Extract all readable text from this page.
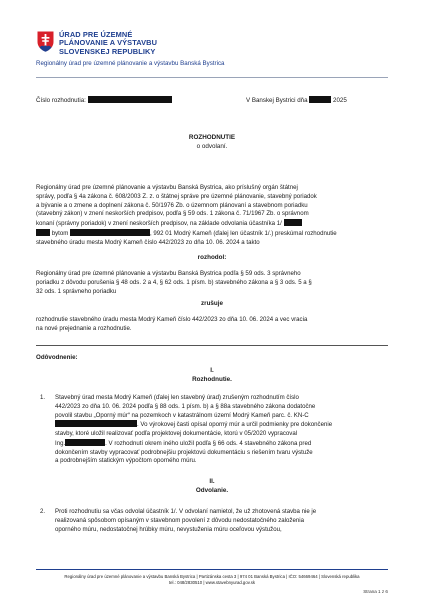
ÚRAD PRE ÚZEMNÉ
PLÁNOVANIE A VÝSTAVBU
SLOVENSKEJ REPUBLIKY
Regionálny úrad pre územné plánovanie a výstavbu Banská Bystrica
Číslo rozhodnutia:	V Banskej Bystrici dňa	2025
ROZHODNUTIE
o odvolaní.
Regionálny úrad pre územné plánovanie a výstavbu Banská Bystrica, ako príslušný orgán štátnej
správy, podľa § 4a zákona č. 608/2003 Z. z. o štátnej správe pre územné plánovanie, stavebný poriadok
a bývanie a o zmene a doplnení zákona č. 50/1976 Zb. o územnom plánovaní a stavebnom poriadku
(stavebný zákon) v znení neskorších predpisov, podľa § 59 ods. 1 zákona č. 71/1967 Zb. o správnom
konaní (správny poriadok) v znení neskorších predpisov, na základe odvolania účastníka 1/
bytom	, 992 01 Modrý Kameň (ďalej len účastník 1/.) preskúmal rozhodnutie
stavebného úradu mesta Modrý Kameň číslo 442/2023 zo dňa 10. 06. 2024 a takto
rozhodol:
Regionálny úrad pre územné plánovanie a výstavbu Banská Bystrica podľa § 59 ods. 3 správneho
poriadku z dôvodu porušenia § 48 ods. 2 a 4, § 62 ods. 1 písm. b) stavebného zákona a § 3 ods. 5 a §
32 ods. 1 správneho poriadku
zrušuje
rozhodnutie stavebného úradu mesta Modrý Kameň číslo 442/2023 zo dňa 10. 06. 2024 a vec vracia
na nové prejednanie a rozhodnutie.
Odôvodnenie:
I.
Rozhodnutie.
1. Stavebný úrad mesta Modrý Kameň (ďalej len stavebný úrad) zrušeným rozhodnutím číslo
442/2023 zo dňa 10. 06. 2024 podľa § 88 ods. 1 písm. b) a § 88a stavebného zákona dodatočne
povolil stavbu „Oporný múr“ na pozemkoch v katastrálnom území Modrý Kameň parc. č. KN-C
. Vo výrokovej časti opísal oporný múr a určil podmienky pre dokončenie
stavby, ktoré uložil realizovať podľa projektovej dokumentácie, ktorú v 05/2020 vypracoval
Ing.	. V rozhodnutí okrem iného uložil podľa § 66 ods. 4 stavebného zákona pred
dokončením stavby vypracovať podrobnejšiu projektovú dokumentáciu s riešením tvaru výstuže
a podrobnejším statickým výpočtom oporného múru.
II.
Odvolanie.
2. Proti rozhodnutiu sa včas odvolal účastník 1/. V odvolaní namietol, že už zhotovená stavba nie je
realizovaná spôsobom opísaným v stavebnom povolení z dôvodu nedostatočného založenia
oporného múru, nedostatočnej hrúbky múru, nevystuženia múru oceľovou výstužou,
Regionálny úrad pre územné plánovanie a výstavbu Banská Bystrica | Partizánska cesta 3 | 974 01 Banská Bystrica | IČO: 54669464 | Slovenská republika
tel.: 048/2830510 | www.stavebnyurad.gov.sk
Strana 1 z 6
